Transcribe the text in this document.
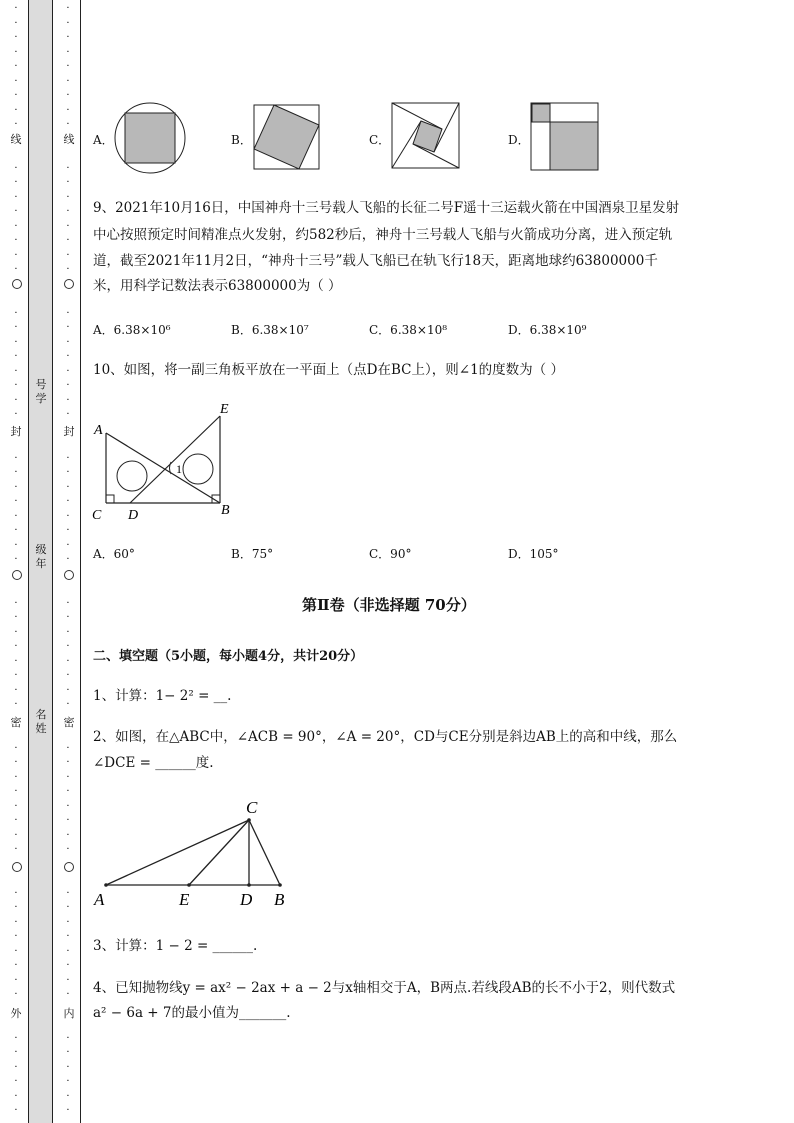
·
·
·
·
·
·
·
·
·
·
·
·
·
·
·
·
·
·
·
·
·
·
·
·
·
·
·
·
·
·
·
·
·
·
·
·
·
·
·
·
·
·
·
·
·
·
·
·
·
·
·
·
·
·
·
·
·
·
·
·
·
·
·
·
·
·
·
·
·
·
·
·
·
·
·
·
·
·
·
·
·
·
·
·
·
·
·
·
·
·
·
·
·
·
·
·
·
·
·
·
·
·
·
·
·
·
·
·
·
·
·
·
·
·
·
·
·
·
·
·
·
·
·
·
·
·
线
封
密
外
线
封
密
内
号学
级年
名姓
A．	B．	C．	D．
9、2021年10月16日，中国神舟十三号载人飞船的长征二号F遥十三运载火箭在中国酒泉卫星发射
中心按照预定时间精准点火发射，约582秒后，神舟十三号载人飞船与火箭成功分离，进入预定轨
道，截至2021年11月2日，“神舟十三号”载人飞船已在轨飞行18天，距离地球约63800000千
米，用科学记数法表示63800000为（ ）
A．6.38×10⁶	B．6.38×10⁷	C．6.38×10⁸	D．6.38×10⁹
10、如图，将一副三角板平放在一平面上（点D在BC上），则∠1的度数为（ ）
A
B
C D
E
1
A．60°	B．75°	C．90°	D．105°
第Ⅱ卷（非选择题 70分）
二、填空题（5小题，每小题4分，共计20分）
1、计算：1− 2² = __.
2、如图，在△ABC中，∠ACB = 90°，∠A = 20°，CD与CE分别是斜边AB上的高和中线，那么
∠DCE = ______度.
A	E	D B
C
3、计算：1 − 2 = ______.
4、已知抛物线y = ax² − 2ax + a − 2与x轴相交于A，B两点.若线段AB的长不小于2，则代数式
a² − 6a + 7的最小值为_______.
